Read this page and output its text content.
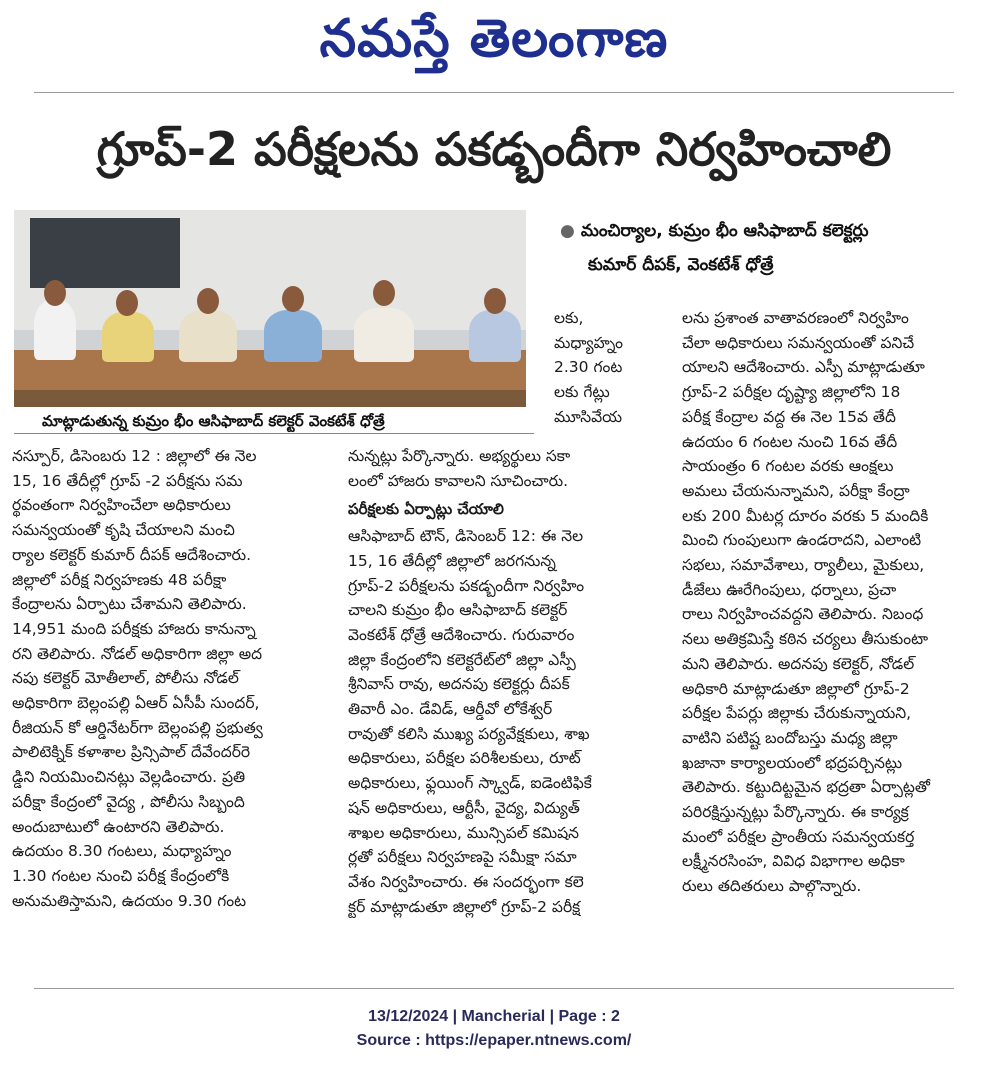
నమస్తే తెలంగాణ
గ్రూప్-2 పరీక్షలను పకడ్బందీగా నిర్వహించాలి
మాట్లాడుతున్న కుమ్రం భీం ఆసిఫాబాద్ కలెక్టర్ వెంకటేశ్ ధోత్రే
● మంచిర్యాల, కుమ్రం భీం ఆసిఫాబాద్ కలెక్టర్లు
కుమార్ దీపక్, వెంకటేశ్ ధోత్రే

లకు,

మధ్యాహ్నం

2.30 గంట

లకు గేట్లు

మూసివేయ

నస్పూర్, డిసెంబరు 12 : జిల్లాలో ఈ నెల

15, 16 తేదీల్లో గ్రూప్ -2 పరీక్షను సమ

ర్థవంతంగా నిర్వహించేలా అధికారులు

సమన్వయంతో కృషి చేయాలని మంచి

ర్యాల కలెక్టర్ కుమార్ దీపక్ ఆదేశించారు.

జిల్లాలో పరీక్ష నిర్వహణకు 48 పరీక్షా

కేంద్రాలను ఏర్పాటు చేశామని తెలిపారు.

14,951 మంది పరీక్షకు హాజరు కానున్నా

రని తెలిపారు. నోడల్ అధికారిగా జిల్లా అద

నపు కలెక్టర్ మోతీలాల్, పోలీసు నోడల్

అధికారిగా బెల్లంపల్లి ఏఆర్ ఏసీపీ సుందర్,

రీజియన్ కో ఆర్డినేటర్‌గా బెల్లంపల్లి ప్రభుత్వ

పాలిటెక్నిక్ కళాశాల ప్రిన్సిపాల్ దేవేందర్‌రె

డ్డిని నియమించినట్లు వెల్లడించారు. ప్రతి

పరీక్షా కేంద్రంలో వైద్య , పోలీసు సిబ్బంది

అందుబాటులో ఉంటారని తెలిపారు.

ఉదయం 8.30 గంటలు, మధ్యాహ్నం

1.30 గంటల నుంచి పరీక్ష కేంద్రంలోకి

అనుమతిస్తామని, ఉదయం 9.30 గంట

నున్నట్లు పేర్కొన్నారు. అభ్యర్థులు సకా

లంలో హాజరు కావాలని సూచించారు.

పరీక్షలకు ఏర్పాట్లు చేయాలి

ఆసిఫాబాద్ టౌన్, డిసెంబర్ 12: ఈ నెల

15, 16 తేదీల్లో జిల్లాలో జరగనున్న

గ్రూప్-2 పరీక్షలను పకడ్బందీగా నిర్వహిం

చాలని కుమ్రం భీం ఆసిఫాబాద్ కలెక్టర్

వెంకటేశ్ ధోత్రే ఆదేశించారు. గురువారం

జిల్లా కేంద్రంలోని కలెక్టరేట్‌లో జిల్లా ఎస్పీ

శ్రీనివాస్ రావు, అదనపు కలెక్టర్లు దీపక్

తివారీ ఎం. డేవిడ్, ఆర్డీవో లోకేశ్వర్

రావుతో కలిసి ముఖ్య పర్యవేక్షకులు, శాఖ

అధికారులు, పరీక్షల పరిశీలకులు, రూట్

అధికారులు, ఫ్లయింగ్ స్క్వాడ్, ఐడెంటిఫికే

షన్ అధికారులు, ఆర్టీసీ, వైద్య, విద్యుత్

శాఖల అధికారులు, మున్సిపల్ కమిషన

ర్లతో పరీక్షలు నిర్వహణపై సమీక్షా సమా

వేశం నిర్వహించారు. ఈ సందర్భంగా కలె

క్టర్ మాట్లాడుతూ జిల్లాలో గ్రూప్-2 పరీక్ష

లను ప్రశాంత వాతావరణంలో నిర్వహిం

చేలా అధికారులు సమన్వయంతో పనిచే

యాలని ఆదేశించారు. ఎస్పీ మాట్లాడుతూ

గ్రూప్-2 పరీక్షల దృష్ట్యా జిల్లాలోని 18

పరీక్ష కేంద్రాల వద్ద ఈ నెల 15వ తేదీ

ఉదయం 6 గంటల నుంచి 16వ తేదీ

సాయంత్రం 6 గంటల వరకు ఆంక్షలు

అమలు చేయనున్నామని, పరీక్షా కేంద్రా

లకు 200 మీటర్ల దూరం వరకు 5 మందికి

మించి గుంపులుగా ఉండరాదని, ఎలాంటి

సభలు, సమావేశాలు, ర్యాలీలు, మైకులు,

డీజేలు ఊరేగింపులు, ధర్నాలు, ప్రచా

రాలు నిర్వహించవద్దని తెలిపారు. నిబంధ

నలు అతిక్రమిస్తే కఠిన చర్యలు తీసుకుంటా

మని తెలిపారు. అదనపు కలెక్టర్, నోడల్

అధికారి మాట్లాడుతూ జిల్లాలో గ్రూప్-2

పరీక్షల పేపర్లు జిల్లాకు చేరుకున్నాయని,

వాటిని పటిష్ట బందోబస్తు మధ్య జిల్లా

ఖజానా కార్యాలయంలో భద్రపర్చినట్లు

తెలిపారు. కట్టుదిట్టమైన భద్రతా ఏర్పాట్లతో

పరిరక్షిస్తున్నట్లు పేర్కొన్నారు. ఈ కార్యక్ర

మంలో పరీక్షల ప్రాంతీయ సమన్వయకర్త

లక్ష్మీనరసింహ, వివిధ విభాగాల అధికా

రులు తదితరులు పాల్గొన్నారు.

13/12/2024 | Mancherial | Page : 2
Source : https://epaper.ntnews.com/
